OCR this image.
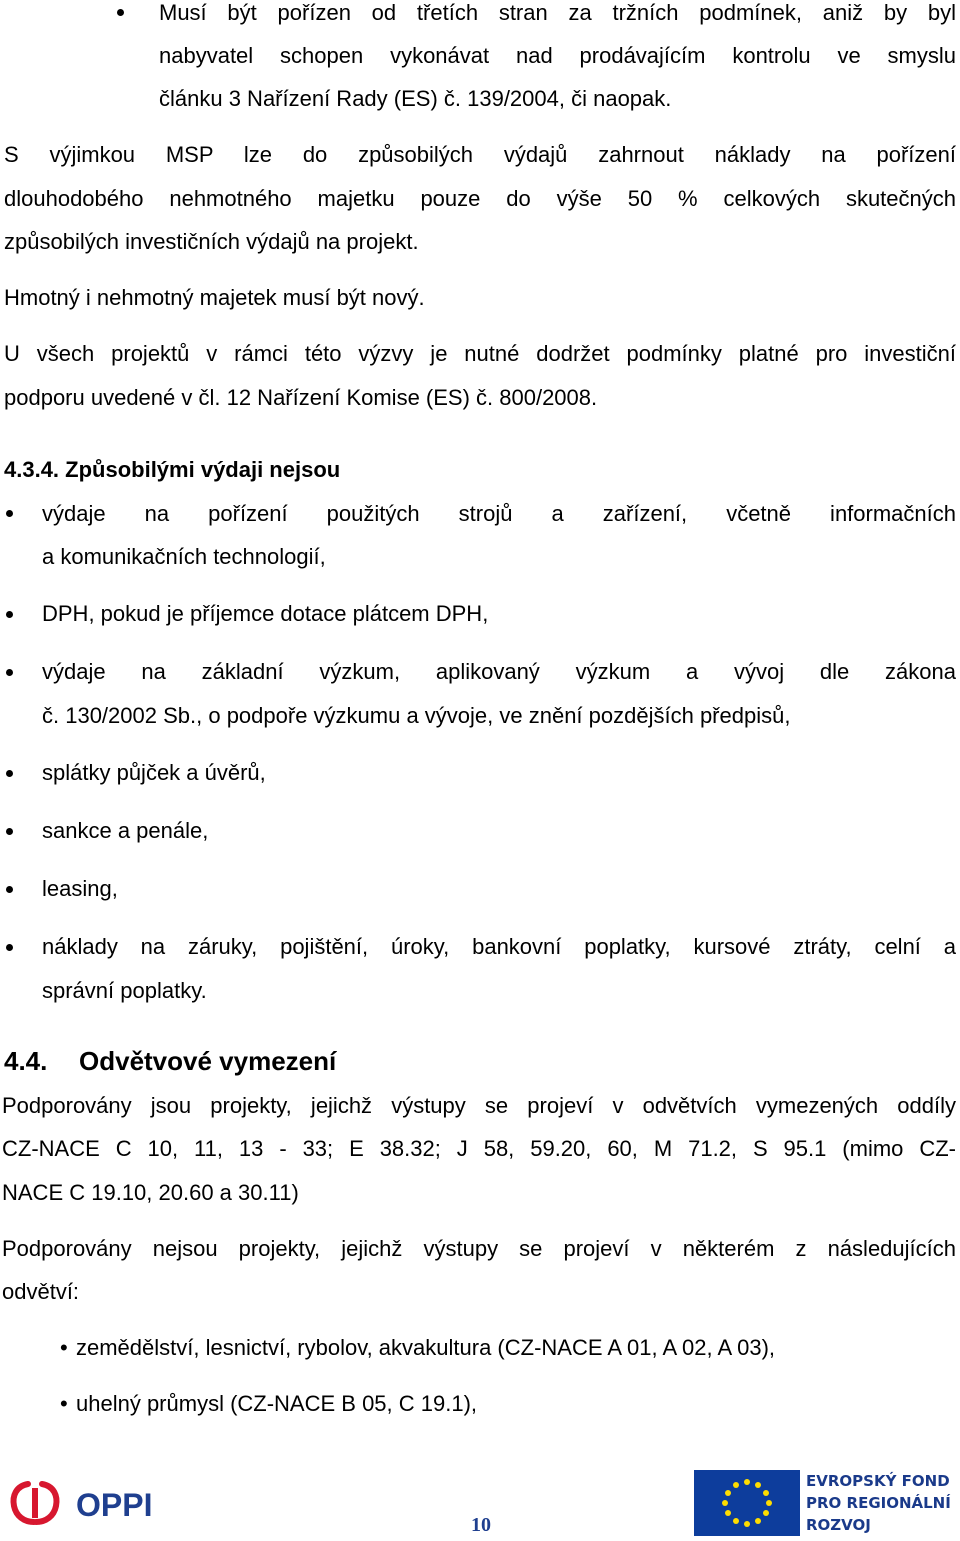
Musí být pořízen od třetích stran za tržních podmínek, aniž by byl
nabyvatel schopen vykonávat nad prodávajícím kontrolu ve smyslu
článku 3 Nařízení Rady (ES) č. 139/2004, či naopak.
S výjimkou MSP lze do způsobilých výdajů zahrnout náklady na pořízení
dlouhodobého nehmotného majetku pouze do výše 50 % celkových skutečných
způsobilých investičních výdajů na projekt.
Hmotný i nehmotný majetek musí být nový.
U všech projektů v rámci této výzvy je nutné dodržet podmínky platné pro investiční
podporu uvedené v čl. 12 Nařízení Komise (ES) č. 800/2008.
4.3.4. Způsobilými výdaji nejsou
výdaje na pořízení použitých strojů a zařízení, včetně informačních
a komunikačních technologií,
DPH, pokud je příjemce dotace plátcem DPH,
výdaje na základní výzkum, aplikovaný výzkum a vývoj dle zákona
č. 130/2002 Sb., o podpoře výzkumu a vývoje, ve znění pozdějších předpisů,
splátky půjček a úvěrů,
sankce a penále,
leasing,
náklady na záruky, pojištění, úroky, bankovní poplatky, kursové ztráty, celní a
správní poplatky.
4.4. Odvětvové vymezení
Podporovány jsou projekty, jejichž výstupy se projeví v odvětvích vymezených oddíly
CZ-NACE C 10, 11, 13 - 33; E 38.32; J 58, 59.20, 60, M 71.2, S 95.1 (mimo CZ-
NACE C 19.10, 20.60 a 30.11)
Podporovány nejsou projekty, jejichž výstupy se projeví v některém z následujících
odvětví:
• zemědělství, lesnictví, rybolov, akvakultura (CZ-NACE A 01, A 02, A 03),
• uhelný průmysl (CZ-NACE B 05, C 19.1),
OPPI
10
EVROPSKÝ FOND
PRO REGIONÁLNÍ
ROZVOJ
